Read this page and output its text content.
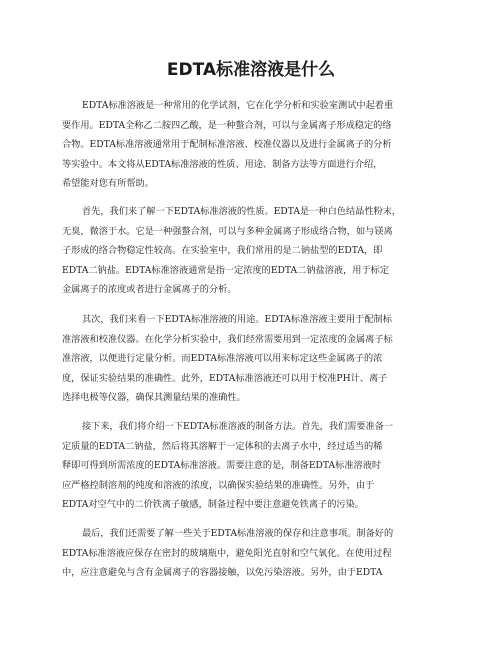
EDTA标准溶液是什么
EDTA标准溶液是一种常用的化学试剂，它在化学分析和实验室测试中起着重
要作用。EDTA全称乙二胺四乙酸，是一种螯合剂，可以与金属离子形成稳定的络
合物。EDTA标准溶液通常用于配制标准溶液、校准仪器以及进行金属离子的分析
等实验中。本文将从EDTA标准溶液的性质、用途、制备方法等方面进行介绍，
希望能对您有所帮助。
首先，我们来了解一下EDTA标准溶液的性质。EDTA是一种白色结晶性粉末，
无臭，微溶于水。它是一种强螯合剂，可以与多种金属离子形成络合物，如与镁离
子形成的络合物稳定性较高。在实验室中，我们常用的是二钠盐型的EDTA，即
EDTA二钠盐。EDTA标准溶液通常是指一定浓度的EDTA二钠盐溶液，用于标定
金属离子的浓度或者进行金属离子的分析。
其次，我们来看一下EDTA标准溶液的用途。EDTA标准溶液主要用于配制标
准溶液和校准仪器。在化学分析实验中，我们经常需要用到一定浓度的金属离子标
准溶液，以便进行定量分析。而EDTA标准溶液可以用来标定这些金属离子的浓
度，保证实验结果的准确性。此外，EDTA标准溶液还可以用于校准PH计、离子
选择电极等仪器，确保其测量结果的准确性。
接下来，我们将介绍一下EDTA标准溶液的制备方法。首先，我们需要准备一
定质量的EDTA二钠盐，然后将其溶解于一定体积的去离子水中，经过适当的稀
释即可得到所需浓度的EDTA标准溶液。需要注意的是，制备EDTA标准溶液时
应严格控制溶剂的纯度和溶液的浓度，以确保实验结果的准确性。另外，由于
EDTA对空气中的二价铁离子敏感，制备过程中要注意避免铁离子的污染。
最后，我们还需要了解一些关于EDTA标准溶液的保存和注意事项。制备好的
EDTA标准溶液应保存在密封的玻璃瓶中，避免阳光直射和空气氧化。在使用过程
中，应注意避免与含有金属离子的容器接触，以免污染溶液。另外，由于EDTA
